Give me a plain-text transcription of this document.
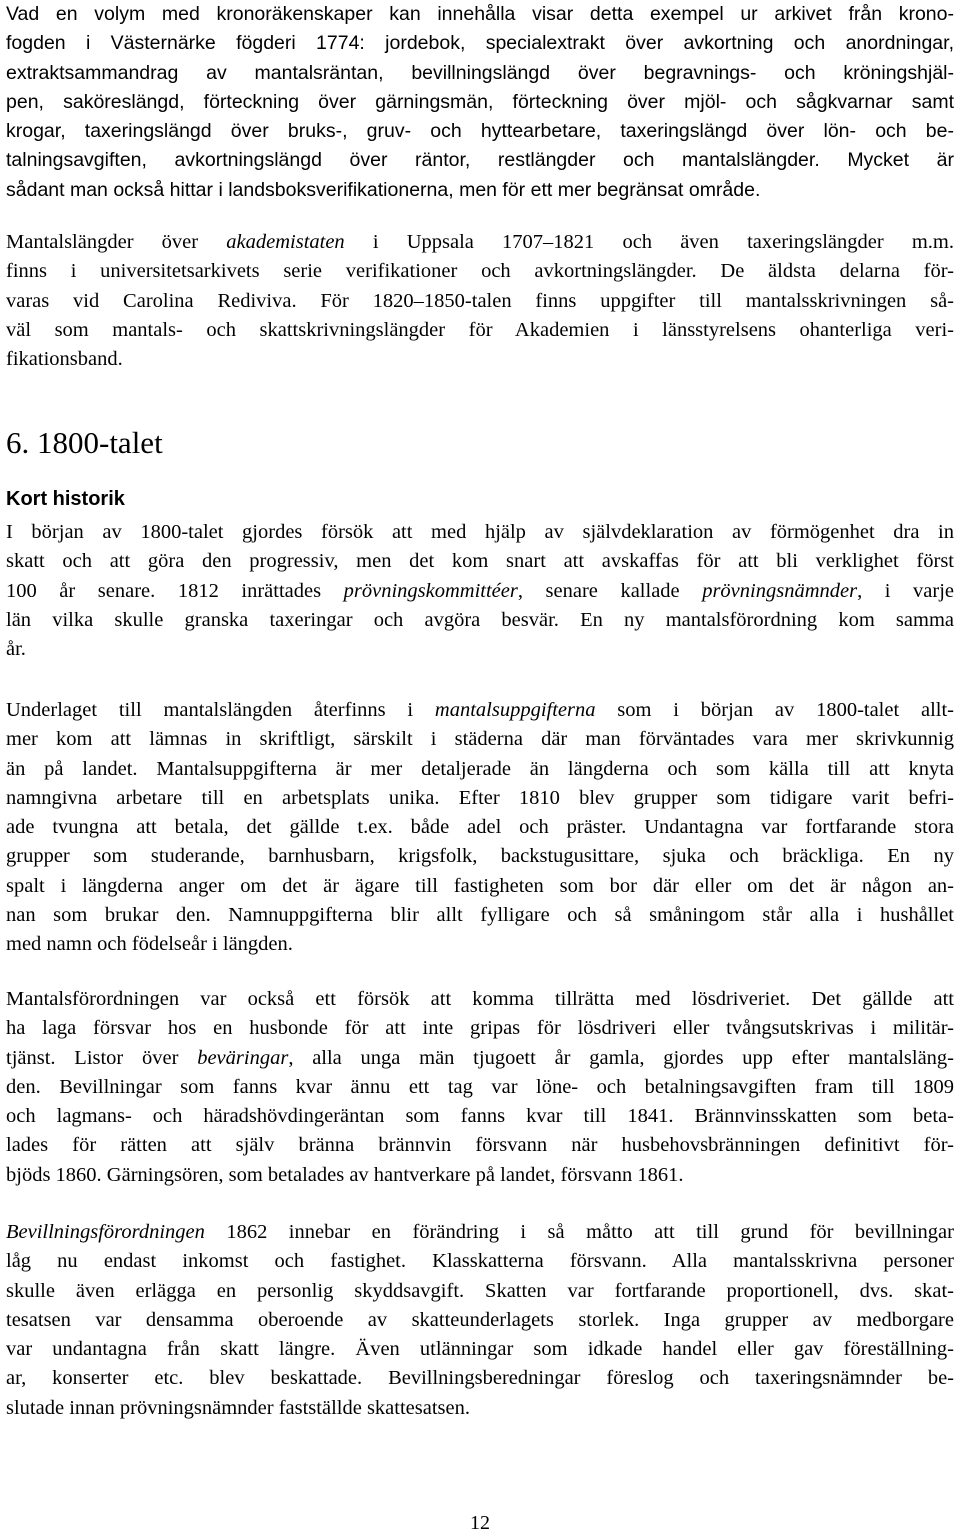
Vad en volym med kronoräkenskaper kan innehålla visar detta exempel ur arkivet från krono-
fogden i Västernärke fögderi 1774: jordebok, specialextrakt över avkortning och anordningar,
extraktsammandrag av mantalsräntan, bevillningslängd över begravnings- och kröningshjäl-
pen, sakörеslängd, förteckning över gärningsmän, förteckning över mjöl- och sågkvarnar samt
krogar, taxeringslängd över bruks-, gruv- och hyttearbetare, taxeringslängd över lön- och be-
talningsavgiften, avkortningslängd över räntor, restlängder och mantalslängder. Mycket är
sådant man också hittar i landsboksverifikationerna, men för ett mer begränsat område.

Mantalslängder över akademistaten i Uppsala 1707–1821 och även taxeringslängder m.m.
finns i universitetsarkivets serie verifikationer och avkortningslängder. De äldsta delarna för-
varas vid Carolina Rediviva. För 1820–1850-talen finns uppgifter till mantalsskrivningen så-
väl som mantals- och skattskrivningslängder för Akademien i länsstyrelsens ohanterliga veri-
fikationsband.

6. 1800-talet
Kort historik

I början av 1800-talet gjordes försök att med hjälp av självdeklaration av förmögenhet dra in
skatt och att göra den progressiv, men det kom snart att avskaffas för att bli verklighet först
100 år senare. 1812 inrättades prövningskommittéer, senare kallade prövningsnämnder, i varje
län vilka skulle granska taxeringar och avgöra besvär. En ny mantalsförordning kom samma
år.

Underlaget till mantalslängden återfinns i mantalsuppgifterna som i början av 1800-talet allt-
mer kom att lämnas in skriftligt, särskilt i städerna där man förväntades vara mer skrivkunnig
än på landet. Mantalsuppgifterna är mer detaljerade än längderna och som källa till att knyta
namngivna arbetare till en arbetsplats unika. Efter 1810 blev grupper som tidigare varit befri-
ade tvungna att betala, det gällde t.ex. både adel och präster. Undantagna var fortfarande stora
grupper som studerande, barnhusbarn, krigsfolk, backstugusittare, sjuka och bräckliga. En ny
spalt i längderna anger om det är ägare till fastigheten som bor där eller om det är någon an-
nan som brukar den. Namnuppgifterna blir allt fylligare och så småningom står alla i hushållet
med namn och födelseår i längden.

Mantalsförordningen var också ett försök att komma tillrätta med lösdriveriet. Det gällde att
ha laga försvar hos en husbonde för att inte gripas för lösdriveri eller tvångsutskrivas i militär-
tjänst. Listor över beväringar, alla unga män tjugoett år gamla, gjordes upp efter mantalsläng-
den. Bevillningar som fanns kvar ännu ett tag var löne- och betalningsavgiften fram till 1809
och lagmans- och häradshövdingeräntan som fanns kvar till 1841. Brännvinsskatten som beta-
lades för rätten att själv bränna brännvin försvann när husbehovsbränningen definitivt för-
bjöds 1860. Gärningsören, som betalades av hantverkare på landet, försvann 1861.

Bevillningsförordningen 1862 innebar en förändring i så måtto att till grund för bevillningar
låg nu endast inkomst och fastighet. Klasskatterna försvann. Alla mantalsskrivna personer
skulle även erlägga en personlig skyddsavgift. Skatten var fortfarande proportionell, dvs. skat-
tesatsen var densamma oberoende av skatteunderlagets storlek. Inga grupper av medborgare
var undantagna från skatt längre. Även utlänningar som idkade handel eller gav föreställning-
ar, konserter etc. blev beskattade. Bevillningsberedningar föreslog och taxeringsnämnder be-
slutade innan prövningsnämnder fastställde skattesatsen.

12
